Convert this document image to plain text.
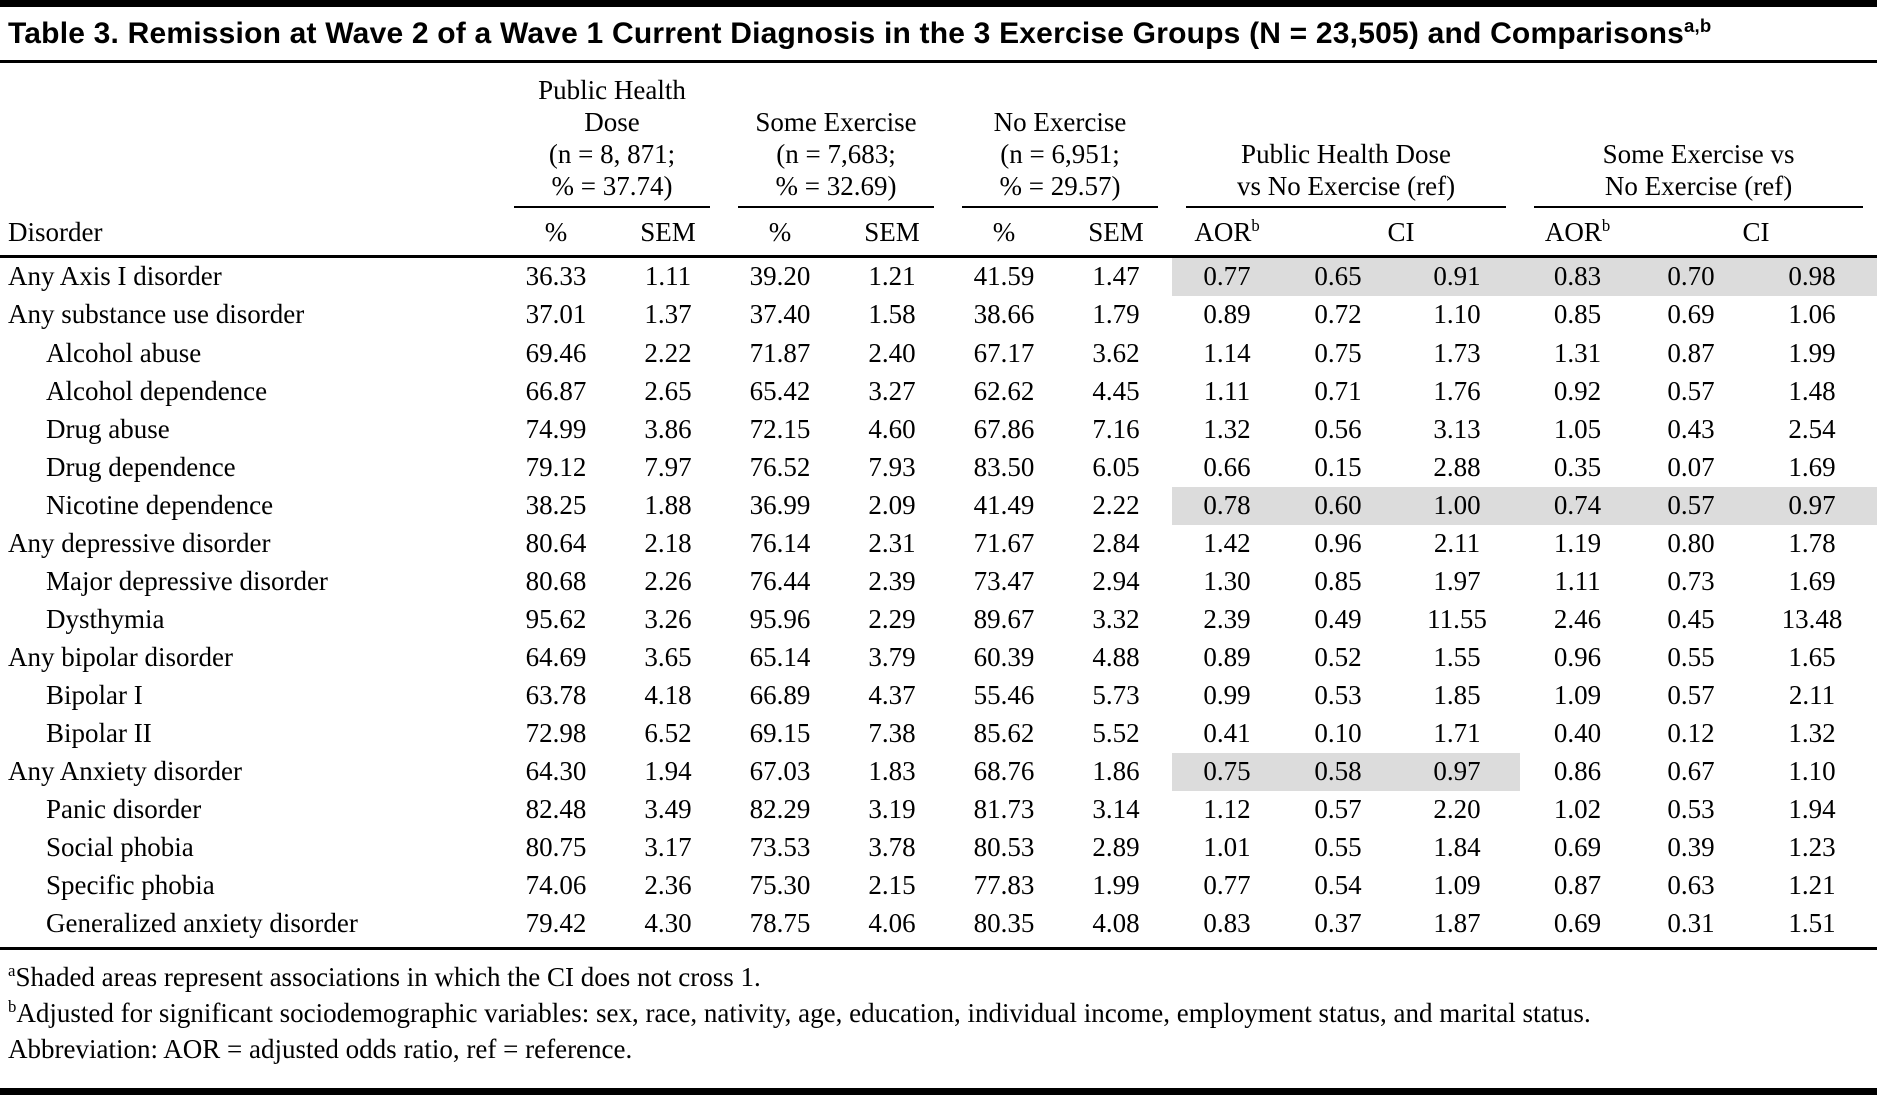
Table 3. Remission at Wave 2 of a Wave 1 Current Diagnosis in the 3 Exercise Groups (N = 23,505) and Comparisons$^{a,b}$

Public Health Dose
(n = 8, 871;
% = 37.74)

Some Exercise
(n = 7,683;
% = 32.69)

No Exercise
(n = 6,951;
% = 29.57)

Public Health Dose
vs No Exercise (ref)

Some Exercise vs
No Exercise (ref)

Disorder	%	SEM	%	SEM	%	SEM	AOR$^b$	CI		AOR$^b$	CI	
Any Axis I disorder	36.33	1.11	39.20	1.21	41.59	1.47	0.77	0.65	0.91	0.83	0.70	0.98
Any substance use disorder	37.01	1.37	37.40	1.58	38.66	1.79	0.89	0.72	1.10	0.85	0.69	1.06
Alcohol abuse	69.46	2.22	71.87	2.40	67.17	3.62	1.14	0.75	1.73	1.31	0.87	1.99
Alcohol dependence	66.87	2.65	65.42	3.27	62.62	4.45	1.11	0.71	1.76	0.92	0.57	1.48
Drug abuse	74.99	3.86	72.15	4.60	67.86	7.16	1.32	0.56	3.13	1.05	0.43	2.54
Drug dependence	79.12	7.97	76.52	7.93	83.50	6.05	0.66	0.15	2.88	0.35	0.07	1.69
Nicotine dependence	38.25	1.88	36.99	2.09	41.49	2.22	0.78	0.60	1.00	0.74	0.57	0.97
Any depressive disorder	80.64	2.18	76.14	2.31	71.67	2.84	1.42	0.96	2.11	1.19	0.80	1.78
Major depressive disorder	80.68	2.26	76.44	2.39	73.47	2.94	1.30	0.85	1.97	1.11	0.73	1.69
Dysthymia	95.62	3.26	95.96	2.29	89.67	3.32	2.39	0.49	11.55	2.46	0.45	13.48
Any bipolar disorder	64.69	3.65	65.14	3.79	60.39	4.88	0.89	0.52	1.55	0.96	0.55	1.65
Bipolar I	63.78	4.18	66.89	4.37	55.46	5.73	0.99	0.53	1.85	1.09	0.57	2.11
Bipolar II	72.98	6.52	69.15	7.38	85.62	5.52	0.41	0.10	1.71	0.40	0.12	1.32
Any Anxiety disorder	64.30	1.94	67.03	1.83	68.76	1.86	0.75	0.58	0.97	0.86	0.67	1.10
Panic disorder	82.48	3.49	82.29	3.19	81.73	3.14	1.12	0.57	2.20	1.02	0.53	1.94
Social phobia	80.75	3.17	73.53	3.78	80.53	2.89	1.01	0.55	1.84	0.69	0.39	1.23
Specific phobia	74.06	2.36	75.30	2.15	77.83	1.99	0.77	0.54	1.09	0.87	0.63	1.21
Generalized anxiety disorder	79.42	4.30	78.75	4.06	80.35	4.08	0.83	0.37	1.87	0.69	0.31	1.51
$^a$Shaded areas represent associations in which the CI does not cross 1.
$^b$Adjusted for significant sociodemographic variables: sex, race, nativity, age, education, individual income, employment status, and marital status.
Abbreviation: AOR = adjusted odds ratio, ref = reference.
